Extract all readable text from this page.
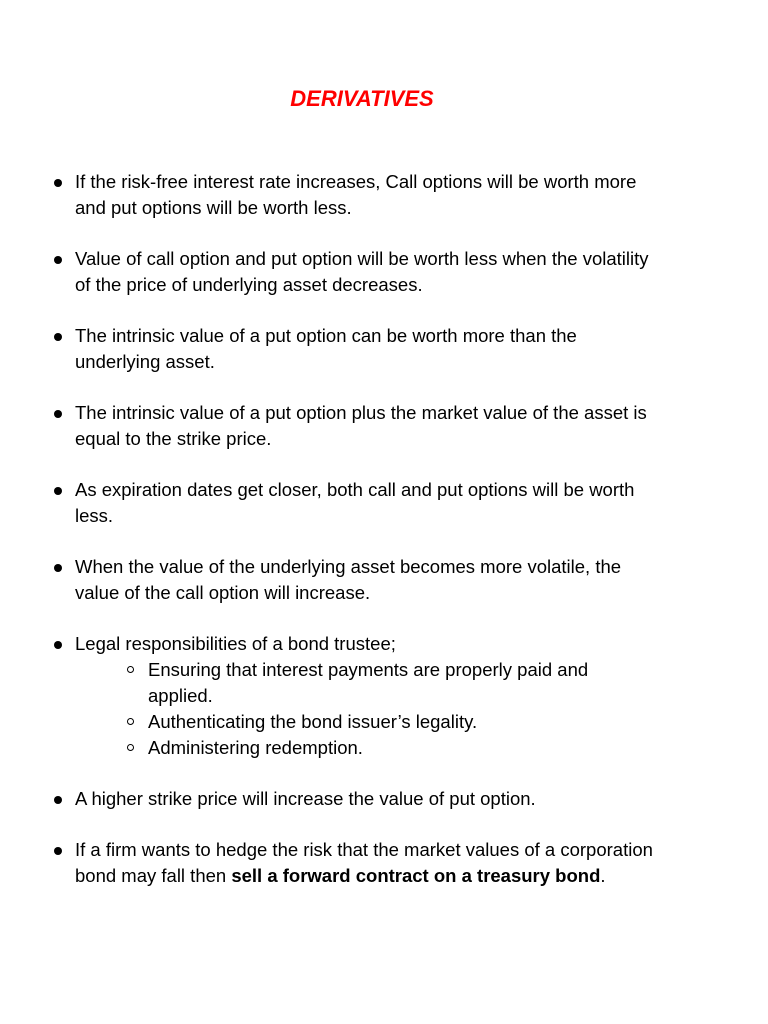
DERIVATIVES
If the risk-free interest rate increases, Call options will be worth more and put options will be worth less.
Value of call option and put option will be worth less when the volatility of the price of underlying asset decreases.
The intrinsic value of a put option can be worth more than the underlying asset.
The intrinsic value of a put option plus the market value of the asset is equal to the strike price.
As expiration dates get closer, both call and put options will be worth less.
When the value of the underlying asset becomes more volatile, the value of the call option will increase.
Legal responsibilities of a bond trustee;
Ensuring that interest payments are properly paid and applied.
Authenticating the bond issuer’s legality.
Administering redemption.
A higher strike price will increase the value of put option.
If a firm wants to hedge the risk that the market values of a corporation bond may fall then sell a forward contract on a treasury bond.
